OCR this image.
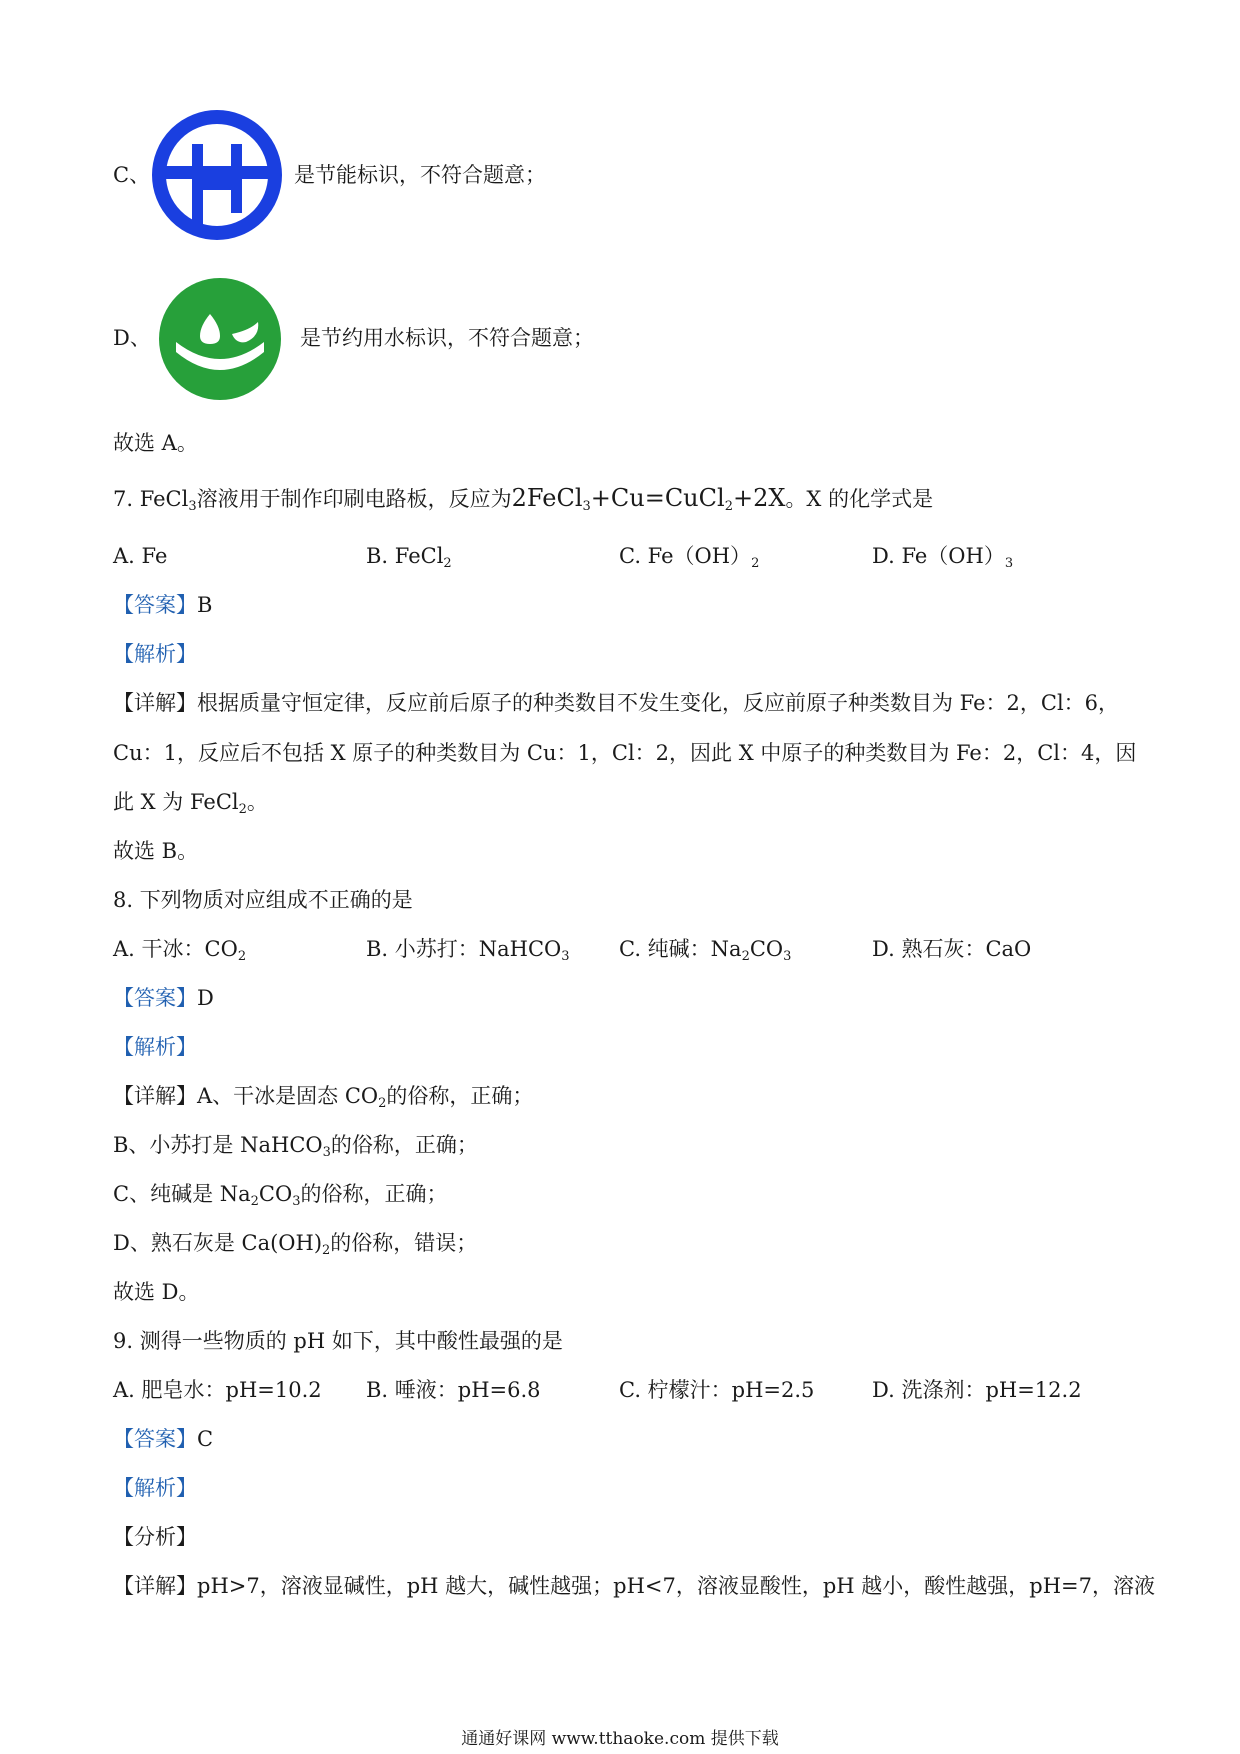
C、	是节能标识，不符合题意；
D、	是节约用水标识，不符合题意；
故选 A。
7. FeCl$_3$溶液用于制作印刷电路板，反应为2FeCl$_3$+Cu=CuCl$_2$+2X。X 的化学式是
A. Fe	B. FeCl$_2$	C. $Fe(OH)_2$	D. $Fe(OH)_3$
【答案】B
【解析】
【详解】根据质量守恒定律，反应前后原子的种类数目不发生变化，反应前原子种类数目为 Fe：2，Cl：6，
Cu：1，反应后不包括 X 原子的种类数目为 Cu：1，Cl：2，因此 X 中原子的种类数目为 Fe：2，Cl：4，因
此 X 为 FeCl$_2$。
故选 B。
8. 下列物质对应组成不正确的是
A. 干冰：$CO_2$	B. 小苏打：NaHCO$_3$ C. 纯碱：$Na_2CO_3$	D. 熟石灰：CaO
【答案】D
【解析】
【详解】A、干冰是固态 $CO_2$的俗称，正确；
B、小苏打是 NaHCO$_3$的俗称，正确；
C、纯碱是 $Na_2CO_3$的俗称，正确；
D、熟石灰是 $Ca(OH)_2$的俗称，错误；
故选 D。
9. 测得一些物质的 pH 如下，其中酸性最强的是
A. 肥皂水：pH=10.2 B. 唾液：pH=6.8	C. 柠檬汁：pH=2.5	D. 洗涤剂：pH=12.2
【答案】C
【解析】
【分析】
【详解】pH>7，溶液显碱性，pH 越大，碱性越强；pH<7，溶液显酸性，pH 越小，酸性越强，pH=7，溶液
通通好课网 www.tthaoke.com 提供下载
